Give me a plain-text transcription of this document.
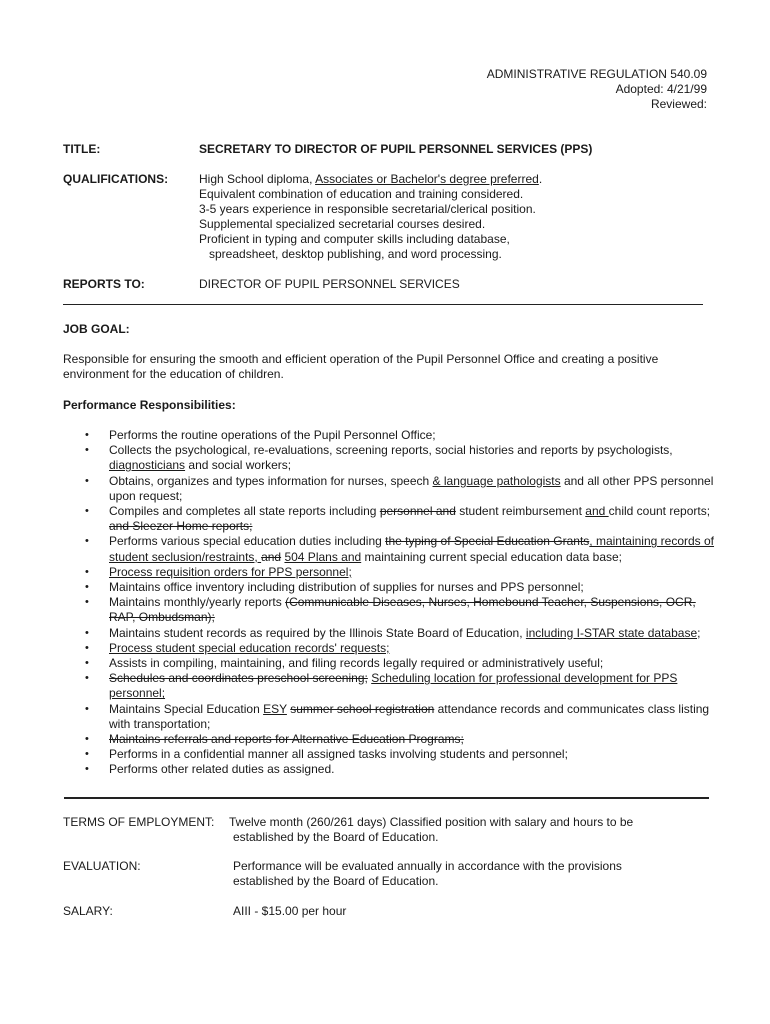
ADMINISTRATIVE REGULATION 540.09
Adopted: 4/21/99
Reviewed:
TITLE:	SECRETARY TO DIRECTOR OF PUPIL PERSONNEL SERVICES (PPS)
QUALIFICATIONS:	High School diploma, Associates or Bachelor's degree preferred.
Equivalent combination of education and training considered.
3-5 years experience in responsible secretarial/clerical position.
Supplemental specialized secretarial courses desired.
Proficient in typing and computer skills including database,
spreadsheet, desktop publishing, and word processing.
REPORTS TO:	DIRECTOR OF PUPIL PERSONNEL SERVICES
JOB GOAL:
Responsible for ensuring the smooth and efficient operation of the Pupil Personnel Office and creating a positive
environment for the education of children.
Performance Responsibilities:
• Performs the routine operations of the Pupil Personnel Office;
• Collects the psychological, re-evaluations, screening reports, social histories and reports by psychologists, diagnosticians and social workers;
• Obtains, organizes and types information for nurses, speech & language pathologists and all other PPS personnel upon request;
• Compiles and completes all state reports including personnel and student reimbursement and child count reports; and Sleezer Home reports;
• Performs various special education duties including the typing of Special Education Grants, maintaining records of student seclusion/restraints, and 504 Plans and maintaining current special education data base;
• Process requisition orders for PPS personnel;
• Maintains office inventory including distribution of supplies for nurses and PPS personnel;
• Maintains monthly/yearly reports (Communicable Diseases, Nurses, Homebound Teacher, Suspensions, OCR, RAP, Ombudsman);
• Maintains student records as required by the Illinois State Board of Education, including I-STAR state database;
• Process student special education records' requests;
• Assists in compiling, maintaining, and filing records legally required or administratively useful;
• Schedules and coordinates preschool screening; Scheduling location for professional development for PPS personnel;
• Maintains Special Education ESY summer school registration attendance records and communicates class listing with transportation;
• Maintains referrals and reports for Alternative Education Programs;
• Performs in a confidential manner all assigned tasks involving students and personnel;
• Performs other related duties as assigned.
TERMS OF EMPLOYMENT: Twelve month (260/261 days) Classified position with salary and hours to be
established by the Board of Education.
EVALUATION:	Performance will be evaluated annually in accordance with the provisions
established by the Board of Education.
SALARY:	AIII - $15.00 per hour
